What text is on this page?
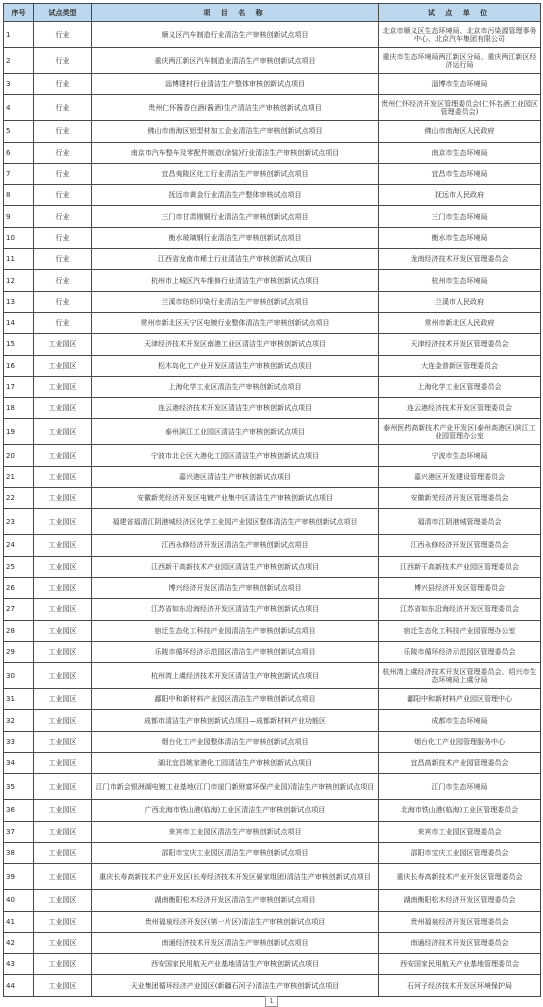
序号	试点类型	项 目 名 称	试 点 单 位
1	行业	顺义区汽车制造行业清洁生产审核创新试点项目	北京市顺义区生态环境局、北京市污染源管理事务中心、北京汽车集团有限公司
2	行业	重庆两江新区汽车制造业清洁生产审核创新试点项目	重庆市生态环境局两江新区分局、重庆两江新区经济运行局
3	行业	淄博建材行业清洁生产整体审核创新试点项目	淄博市生态环境局
4	行业	贵州仁怀酱香白酒(酱酒)生产清洁生产审核创新试点项目	贵州仁怀经济开发区管理委员会(仁怀名酒工业园区管理委员会)
5	行业	佛山市南海区铝型材加工企业清洁生产审核创新试点项目	佛山市南海区人民政府
6	行业	南京市汽车整车及零配件制造(涂装)行业清洁生产审核创新试点项目	南京市生态环境局
7	行业	宜昌夷陵区化工行业清洁生产审核创新试点项目	宜昌市生态环境局
8	行业	抚远市黄金行业清洁生产整体审核试点项目	抚远市人民政府
9	行业	三门市甘肃刚铜行业清洁生产审核创新试点项目	三门市生态环境局
10	行业	衡水玻璃钢行业清洁生产审核创新试点项目	衡水市生态环境局
11	行业	江西省龙南市稀土行业清洁生产审核创新试点项目	龙南经济技术开发区管理委员会
12	行业	杭州市上城区汽车维修行业清洁生产审核创新试点项目	杭州市生态环境局
13	行业	兰溪市纺织印染行业清洁生产审核创新试点项目	兰溪市人民政府
14	行业	常州市新北区天宁区电镀行业整体清洁生产审核创新试点项目	常州市新北区人民政府
15	工业园区	天津经济技术开发区南港工业区清洁生产审核创新试点项目	天津经济技术开发区管理委员会
16	工业园区	松木岛化工产业开发区清洁生产审核创新试点项目	大连金普新区管理委员会
17	工业园区	上海化学工业区清洁生产审核创新试点项目	上海化学工业区管理委员会
18	工业园区	连云港经济技术开发区清洁生产审核创新试点项目	连云港经济技术开发区管理委员会
19	工业园区	泰州滨江工业园区清洁生产审核创新试点项目	泰州医药高新技术产业开发区(泰州高港区)滨江工业园管理办公室
20	工业园区	宁波市北仑区大港化工园区清洁生产审核创新试点项目	宁波市生态环境局
21	工业园区	嘉兴港区清洁生产审核创新试点项目	嘉兴港区开发建设管理委员会
22	工业园区	安徽新芜经济开发区电镀产业集中区清洁生产审核创新试点项目	安徽新芜经济开发区管理委员会
23	工业园区	福建省福清江阴港城经济区化学工业园产业园区整体清洁生产审核创新试点项目	福清市江阴港城管理委员会
24	工业园区	江西永修经济开发区清洁生产审核创新试点项目	江西永修经济开发区管理委员会
25	工业园区	江西新干高新技术产业园区清洁生产审核创新试点项目	江西新干高新技术产业园区管理委员会
26	工业园区	博兴经济开发区清洁生产审核创新试点项目	博兴县经济开发区管理委员会
27	工业园区	江苏省如东沿海经济开发区清洁生产审核创新试点项目	江苏省如东沿海经济开发区管理委员会
28	工业园区	宿迁生态化工科技产业园清洁生产审核创新试点项目	宿迁生态化工科技产业园管理办公室
29	工业园区	乐陵市循环经济示范园区清洁生产审核创新试点项目	乐陵市循环经济示范园区管理委员会
30	工业园区	杭州湾上虞经济技术开发区清洁生产审核创新试点项目	杭州湾上虞经济技术开发区管理委员会、绍兴市生态环境局上虞分局
31	工业园区	鄱阳中和新材料产业园区清洁生产审核创新试点项目	鄱阳中和新材料产业园区管理中心
32	工业园区	成都市清洁生产审核创新试点项目—成都新材料产业功能区	成都市生态环境局
33	工业园区	烟台化工产业园整体清洁生产审核创新试点项目	烟台化工产业园管理服务中心
34	工业园区	湖北宜昌姚家港化工园清洁生产审核创新试点项目	宜昌高新技术产业园管理委员会
35	工业园区	江门市新会银洲湖电镀工业基地(江门市崖门新财富环保产业园)清洁生产审核创新试点项目	江门市生态环境局
36	工业园区	广西北海市铁山港(临海)工业区清洁生产审核创新试点项目	北海市铁山港(临海)工业区管理委员会
37	工业园区	来宾市工业园区清洁生产审核创新试点项目	来宾市工业园区管理委员会
38	工业园区	邵阳市宝庆工业园区清洁生产审核创新试点项目	邵阳市宝庆工业园区管理委员会
39	工业园区	重庆长寿高新技术产业开发区(长寿经济技术开发区晏家组团)清洁生产审核创新试点项目	重庆长寿高新技术产业开发区管理委员会
40	工业园区	湖南衡阳松木经济开发区清洁生产审核创新试点项目	湖南衡阳松木经济开发区管理委员会
41	工业园区	贵州福泉经济开发区(第一片区)清洁生产审核创新试点项目	贵州福泉经济开发区管理委员会
42	工业园区	南通经济技术开发区清洁生产审核创新试点项目	南通经济技术开发区管理委员会
43	工业园区	西安国家民用航天产业基地清洁生产审核创新试点项目	西安国家民用航天产业基地管理委员会
44	工业园区	天业集团循环经济产业园区(新疆石河子)清洁生产审核创新试点项目	石河子经济技术开发区环境保护局
1
